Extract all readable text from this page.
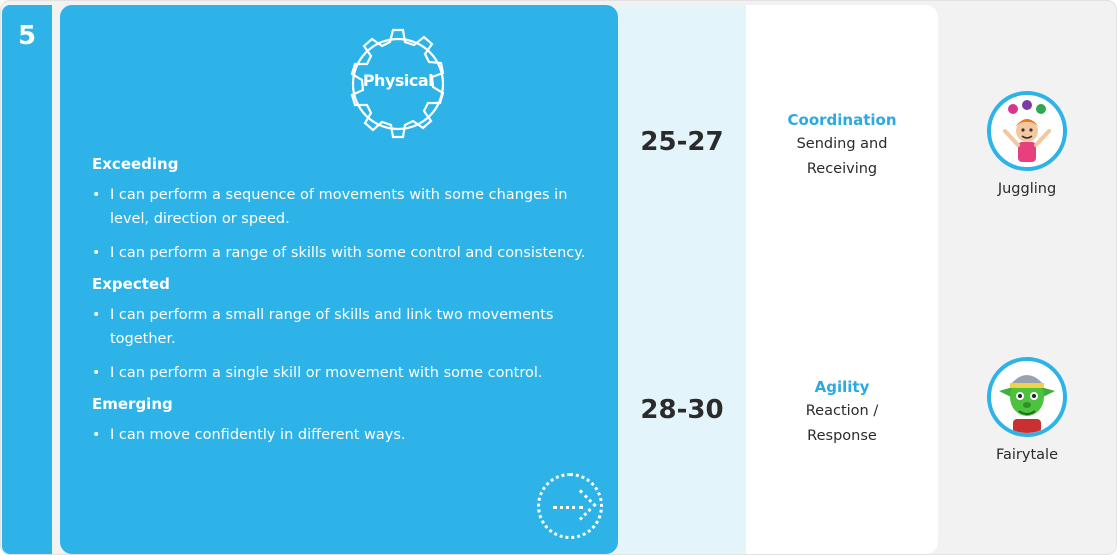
5
Physical
Exceeding
• I can perform a sequence of movements with some changes in level, direction or speed.
• I can perform a range of skills with some control and consistency.
Expected
• I can perform a small range of skills and link two movements together.
• I can perform a single skill or movement with some control.
Emerging
• I can move confidently in different ways.
25-27
28-30
Coordination
Sending and
Receiving
Agility
Reaction /
Response
Juggling
Fairytale
